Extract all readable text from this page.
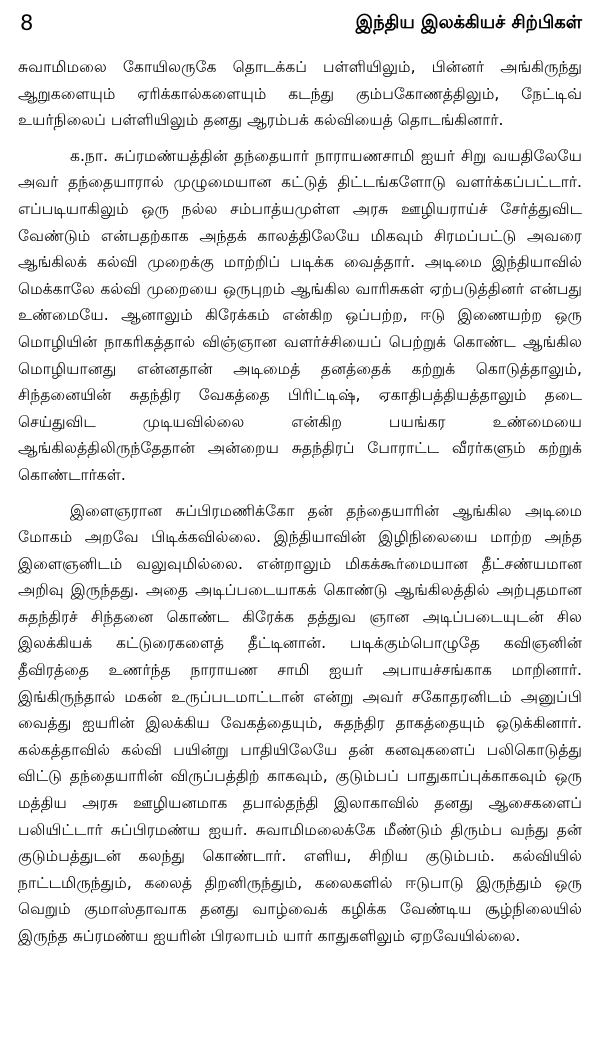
8	இந்திய இலக்கியச் சிற்பிகள்

சுவாமிமலை கோயிலருகே தொடக்கப் பள்ளியிலும், பின்னர் அங்கிருந்து ஆறுகளையும் ஏரிக்கால்களையும் கடந்து கும்பகோணத்திலும், நேட்டிவ் உயர்நிலைப் பள்ளியிலும் தனது ஆரம்பக் கல்வியைத் தொடங்கினார்.

க.நா. சுப்ரமண்யத்தின் தந்தையார் நாராயணசாமி ஐயர் சிறு வயதிலேயே அவர் தந்தையாரால் முழுமையான கட்டுத் திட்டங்களோடு வளர்க்கப்பட்டார். எப்படியாகிலும் ஒரு நல்ல சம்பாத்யமுள்ள அரசு ஊழியராய்ச் சேர்த்துவிட வேண்டும் என்பதற்காக அந்தக் காலத்திலேயே மிகவும் சிரமப்பட்டு அவரை ஆங்கிலக் கல்வி முறைக்கு மாற்றிப் படிக்க வைத்தார். அடிமை இந்தியாவில் மெக்காலே கல்வி முறையை ஒருபுறம் ஆங்கில வாரிசுகள் ஏற்படுத்தினர் என்பது உண்மையே. ஆனாலும் கிரேக்கம் என்கிற ஒப்பற்ற, ஈடு இணையற்ற ஒரு மொழியின் நாகரிகத்தால் விஞ்ஞான வளர்ச்சியைப் பெற்றுக் கொண்ட ஆங்கில மொழியானது என்னதான் அடிமைத் தனத்தைக் கற்றுக் கொடுத்தாலும், சிந்தனையின் சுதந்திர வேகத்தை பிரிட்டிஷ், ஏகாதிபத்தியத்தாலும் தடை செய்துவிட முடியவில்லை என்கிற பயங்கர உண்மையை ஆங்கிலத்திலிருந்தேதான் அன்றைய சுதந்திரப் போராட்ட வீரர்களும் கற்றுக் கொண்டார்கள்.

இளைஞரான சுப்பிரமணிக்கோ தன் தந்தையாரின் ஆங்கில அடிமை மோகம் அறவே பிடிக்கவில்லை. இந்தியாவின் இழிநிலையை மாற்ற அந்த இளைஞனிடம் வலுவுமில்லை. என்றாலும் மிகக்கூர்மையான தீட்சண்யமான அறிவு இருந்தது. அதை அடிப்படையாகக் கொண்டு ஆங்கிலத்தில் அற்புதமான சுதந்திரச் சிந்தனை கொண்ட கிரேக்க தத்துவ ஞான அடிப்படையுடன் சில இலக்கியக் கட்டுரைகளைத் தீட்டினான். படிக்கும்பொழுதே கவிஞனின் தீவிரத்தை உணர்ந்த நாராயண சாமி ஐயர் அபாயச்சங்காக மாறினார். இங்கிருந்தால் மகன் உருப்படமாட்டான் என்று அவர் சகோதரனிடம் அனுப்பி வைத்து ஐயரின் இலக்கிய வேகத்தையும், சுதந்திர தாகத்தையும் ஒடுக்கினார். கல்கத்தாவில் கல்வி பயின்று பாதியிலேயே தன் கனவுகளைப் பலிகொடுத்து விட்டு தந்தையாரின் விருப்பத்திற் காகவும், குடும்பப் பாதுகாப்புக்காகவும் ஒரு மத்திய அரசு ஊழியனமாக தபால்தந்தி இலாகாவில் தனது ஆசைகளைப் பலியிட்டார் சுப்பிரமண்ய ஐயர். சுவாமிமலைக்கே மீண்டும் திரும்ப வந்து தன் குடும்பத்துடன் கலந்து கொண்டார். எளிய, சிறிய குடும்பம். கல்வியில் நாட்டமிருந்தும், கலைத் திறனிருந்தும், கலைகளில் ஈடுபாடு இருந்தும் ஒரு வெறும் குமாஸ்தாவாக தனது வாழ்வைக் கழிக்க வேண்டிய சூழ்நிலையில் இருந்த சுப்ரமண்ய ஐயரின் பிரலாபம் யார் காதுகளிலும் ஏறவேயில்லை.
